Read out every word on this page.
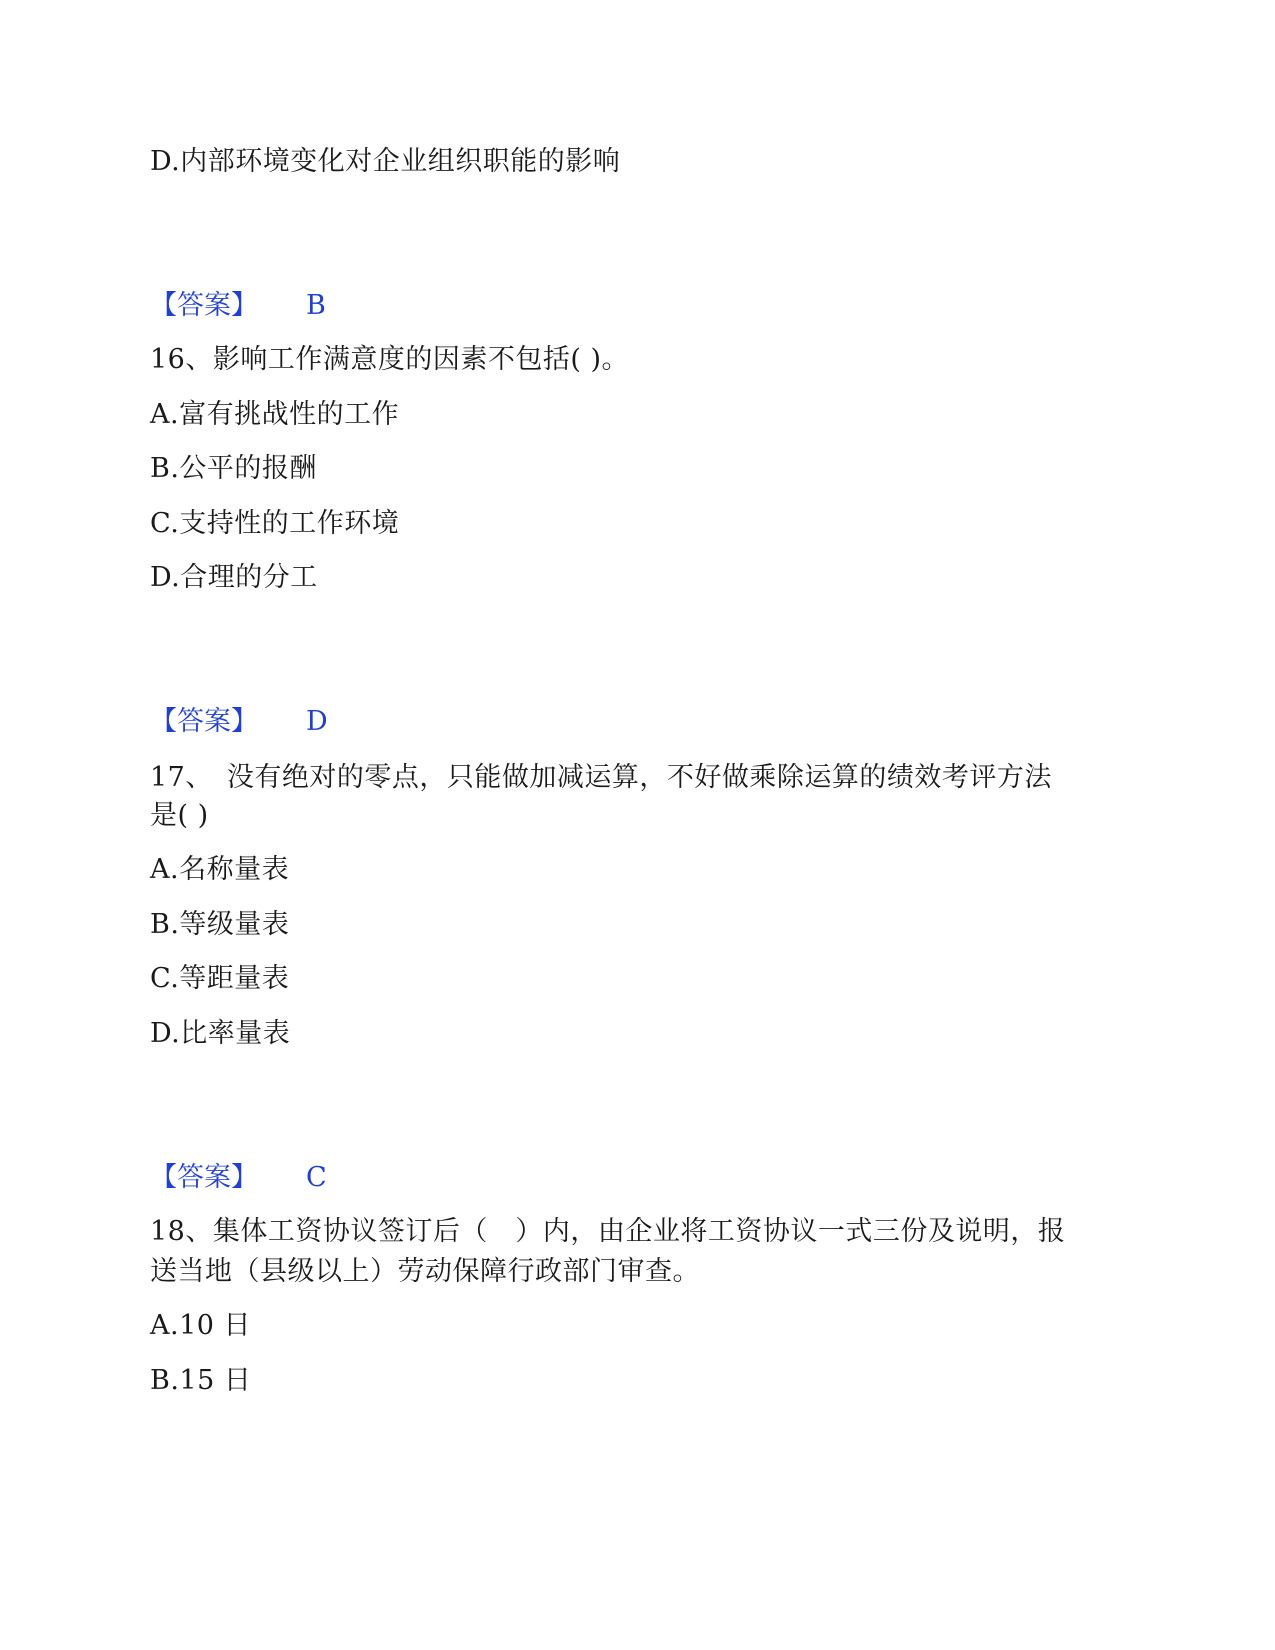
D.内部环境变化对企业组织职能的影响
【答案】 B
16、影响工作满意度的因素不包括( )。
A.富有挑战性的工作
B.公平的报酬
C.支持性的工作环境
D.合理的分工
【答案】 D
17、　没有绝对的零点，只能做加减运算，不好做乘除运算的绩效考评方法
是( )
A.名称量表
B.等级量表
C.等距量表
D.比率量表
【答案】 C
18、集体工资协议签订后（　）内，由企业将工资协议一式三份及说明，报
送当地（县级以上）劳动保障行政部门审查。
A.10 日
B.15 日
